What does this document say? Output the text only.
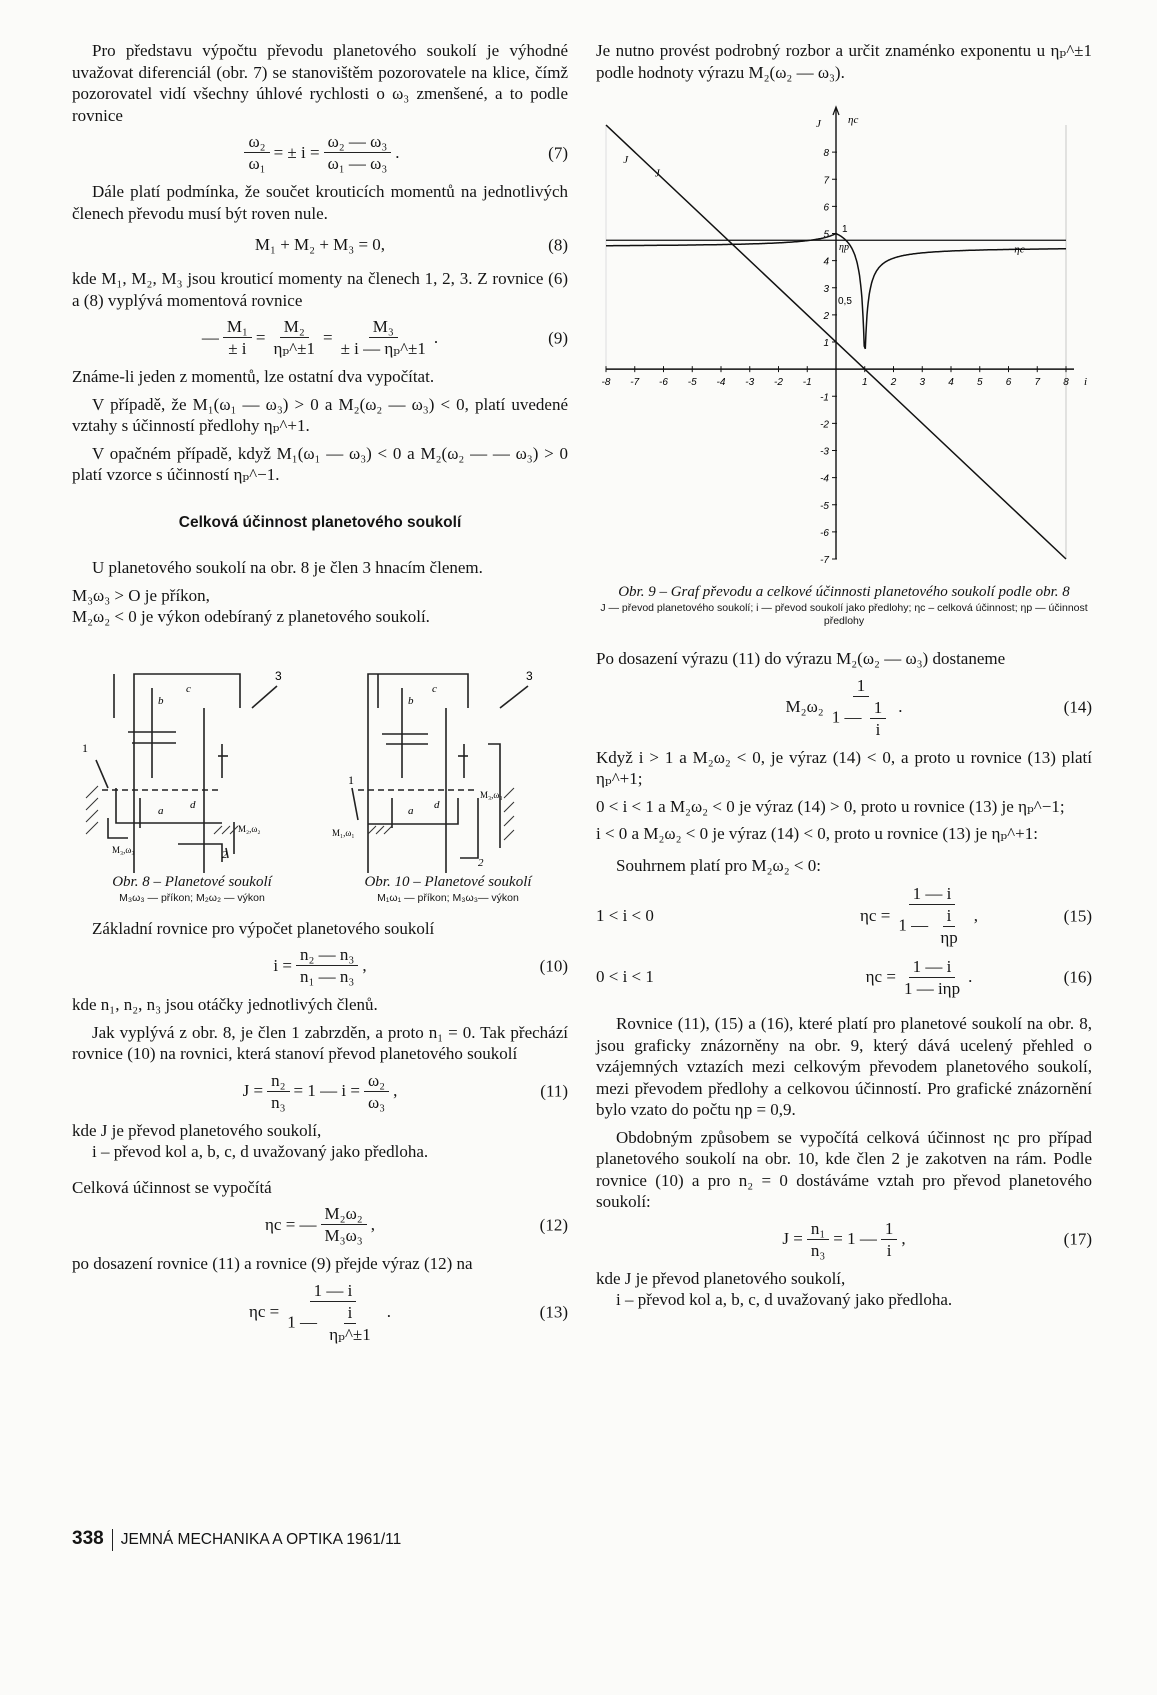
Pro představu výpočtu převodu planetového soukolí je výhodné uvažovat diferenciál (obr. 7) se stanovištěm pozorovatele na klice, čímž pozorovatel vidí všechny úhlové rychlosti o ω₃ zmenšené, a to podle rovnice

$\frac{\text{ω₂}}{\text{ω₁}}$ = ± $i = \frac{\text{ω₂ — ω₃}}{\text{ω₁ — ω₃}}$ .	(7)

Dále platí podmínka, že součet krouticích momentů na jednotlivých členech převodu musí být roven nule.

M₁ + M₂ + M₃ = 0,	(8)

kde M₁, M₂, M₃ jsou krouticí momenty na členech 1, 2, 3. Z rovnice (6) a (8) vyplývá momentová rovnice

— $\frac{\text{M₁}}{\pm i} = \frac{\text{M₂}}{\text{ηₚ\textasciicircum{}±1}} = \frac{\text{M₃}}{\text{± i — ηₚ\textasciicircum{}±1}}$ .	(9)

Známe-li jeden z momentů, lze ostatní dva vypočítat.

V případě, že M₁(ω₁ — ω₃) > 0 a M₂(ω₂ — ω₃) < 0, platí uvedené vztahy s účinností předlohy ηₚ^+1.

V opačném případě, když M₁(ω₁ — ω₃) < 0 a M₂(ω₂ — — ω₃) > 0 platí vzorce s účinností ηₚ^−1.

Celková účinnost planetového soukolí

U planetového soukolí na obr. 8 je člen 3 hnacím členem.

M₃ω₃ > O je příkon,

M₂ω₂ < 0 je výkon odebíraný z planetového soukolí.

3
b
c
1
a d
M₂,ω₂
M₃,ω₃	2
Obr. 8 – Planetové soukolí
M₃ω₃ — příkon; M₂ω₂ — výkon
3
b
c
1
a d
M₃,ω₃
M₁,ω₁
2
Obr. 10 – Planetové soukolí
M₁ω₁ — příkon; M₃ω₃— výkon

Základní rovnice pro výpočet planetového soukolí

$i = \frac{\text{n₂ — n₃}}{\text{n₁ — n₃}}$ ,	(10)

kde n₁, n₂, n₃ jsou otáčky jednotlivých členů.

Jak vyplývá z obr. 8, je člen 1 zabrzděn, a proto n₁ = 0. Tak přechází rovnice (10) na rovnici, která stanoví převod planetového soukolí

$J = \frac{\text{n₂}}{\text{n₃}} = 1$ — $i = \frac{\text{ω₂}}{\text{ω₃}}$ ,	(11)

kde J je převod planetového soukolí,

i – převod kol a, b, c, d uvažovaný jako předloha.

Celková účinnost se vypočítá

ηc = — $\frac{\text{M₂ω₂}}{\text{M₃ω₃}}$ ,	(12)

po dosazení rovnice (11) a rovnice (9) přejde výraz (12) na

$\eta c = \frac{1 — i}{1 — \frac{i}{\text{ηₚ\textasciicircum{}±1}}}$ .	(13)

Je nutno provést podrobný rozbor a určit znaménko exponentu u ηₚ^±1 podle hodnoty výrazu M₂(ω₂ — ω₃).

-8 -7 -6 -5 -4 -3 -2 -1	1 2 3 4 5 6 7 8
8
7
6
5
4
3
2
1
-1
-2
-3
-4
-5
-6
-7
i
J ηc
J
J
ηc
1
ηp
0,5
Obr. 9 – Graf převodu a celkové účinnosti planetového soukolí podle obr. 8
J — převod planetového soukolí; i — převod soukolí jako předlohy; ηc – celková účinnost; ηp — účinnost předlohy

Po dosazení výrazu (11) do výrazu M₂(ω₂ — ω₃) dostaneme

$M_2\omega_2 \frac{1}{1 — \frac{1}{i}}$ .	(14)

Když i > 1 a M₂ω₂ < 0, je výraz (14) < 0, a proto u rovnice (13) platí ηₚ^+1;

0 < i < 1 a M₂ω₂ < 0 je výraz (14) > 0, proto u rovnice (13) je ηₚ^−1;

i < 0 a M₂ω₂ < 0 je výraz (14) < 0, proto u rovnice (13) je ηₚ^+1:

Souhrnem platí pro M₂ω₂ < 0:

1 < i < 0	$\eta c = \frac{1 — i}{1 — \frac{i}{\eta p}}$ ,	(15)
0 < i < 1	$\eta c = \frac{1 — i}{\text{1 — iηp}}$ .	(16)

Rovnice (11), (15) a (16), které platí pro planetové soukolí na obr. 8, jsou graficky znázorněny na obr. 9, který dává ucelený přehled o vzájemných vztazích mezi celkovým převodem planetového soukolí, mezi převodem předlohy a celkovou účinností. Pro grafické znázornění bylo vzato do počtu ηp = 0,9.

Obdobným způsobem se vypočítá celková účinnost ηc pro případ planetového soukolí na obr. 10, kde člen 2 je zakotven na rám. Podle rovnice (10) a pro n₂ = 0 dostáváme vztah pro převod planetového soukolí:

$J = \frac{\text{n₁}}{\text{n₃}} = 1$ — $\frac{1}{i}$ ,	(17)

kde J je převod planetového soukolí,

i – převod kol a, b, c, d uvažovaný jako předloha.

338 JEMNÁ MECHANIKA A OPTIKA 1961/11
